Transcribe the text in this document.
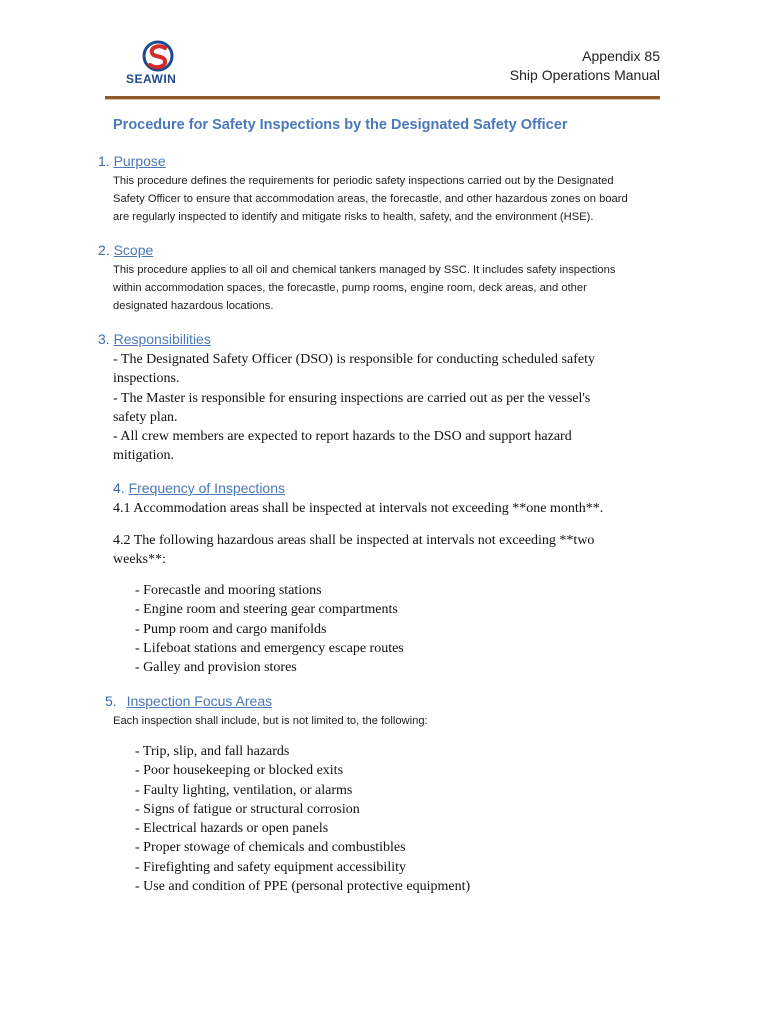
SEAWIN
Appendix 85
Ship Operations Manual
Procedure for Safety Inspections by the Designated Safety Officer
1. Purpose
This procedure defines the requirements for periodic safety inspections carried out by the Designated
Safety Officer to ensure that accommodation areas, the forecastle, and other hazardous zones on board
are regularly inspected to identify and mitigate risks to health, safety, and the environment (HSE).
2. Scope
This procedure applies to all oil and chemical tankers managed by SSC. It includes safety inspections
within accommodation spaces, the forecastle, pump rooms, engine room, deck areas, and other
designated hazardous locations.
3. Responsibilities
- The Designated Safety Officer (DSO) is responsible for conducting scheduled safety
inspections.
- The Master is responsible for ensuring inspections are carried out as per the vessel's
safety plan.
- All crew members are expected to report hazards to the DSO and support hazard
mitigation.
4. Frequency of Inspections
4.1 Accommodation areas shall be inspected at intervals not exceeding **one month**.
4.2 The following hazardous areas shall be inspected at intervals not exceeding **two
weeks**:
- Forecastle and mooring stations
- Engine room and steering gear compartments
- Pump room and cargo manifolds
- Lifeboat stations and emergency escape routes
- Galley and provision stores
5. Inspection Focus Areas
Each inspection shall include, but is not limited to, the following:
- Trip, slip, and fall hazards
- Poor housekeeping or blocked exits
- Faulty lighting, ventilation, or alarms
- Signs of fatigue or structural corrosion
- Electrical hazards or open panels
- Proper stowage of chemicals and combustibles
- Firefighting and safety equipment accessibility
- Use and condition of PPE (personal protective equipment)
